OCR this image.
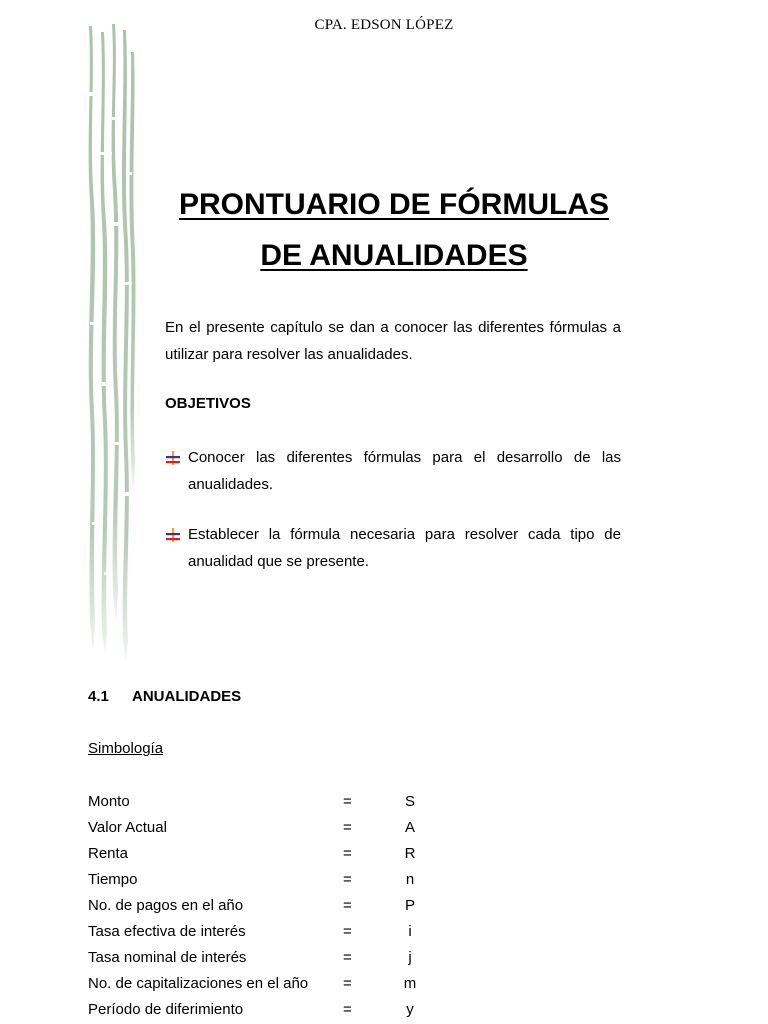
CPA. EDSON LÓPEZ
PRONTUARIO DE FÓRMULAS
DE ANUALIDADES

En el presente capítulo se dan a conocer las diferentes fórmulas a utilizar para resolver las anualidades.

OBJETIVOS
Conocer las diferentes fórmulas para el desarrollo de las anualidades.
Establecer la fórmula necesaria para resolver cada tipo de anualidad que se presente.
4.1 ANUALIDADES
Simbología
Monto	=	S
Valor Actual	=	A
Renta	=	R
Tiempo	=	n
No. de pagos en el año	=	P
Tasa efectiva de interés	=	i
Tasa nominal de interés	=	j
No. de capitalizaciones en el año =	m
Período de diferimiento	=	y
